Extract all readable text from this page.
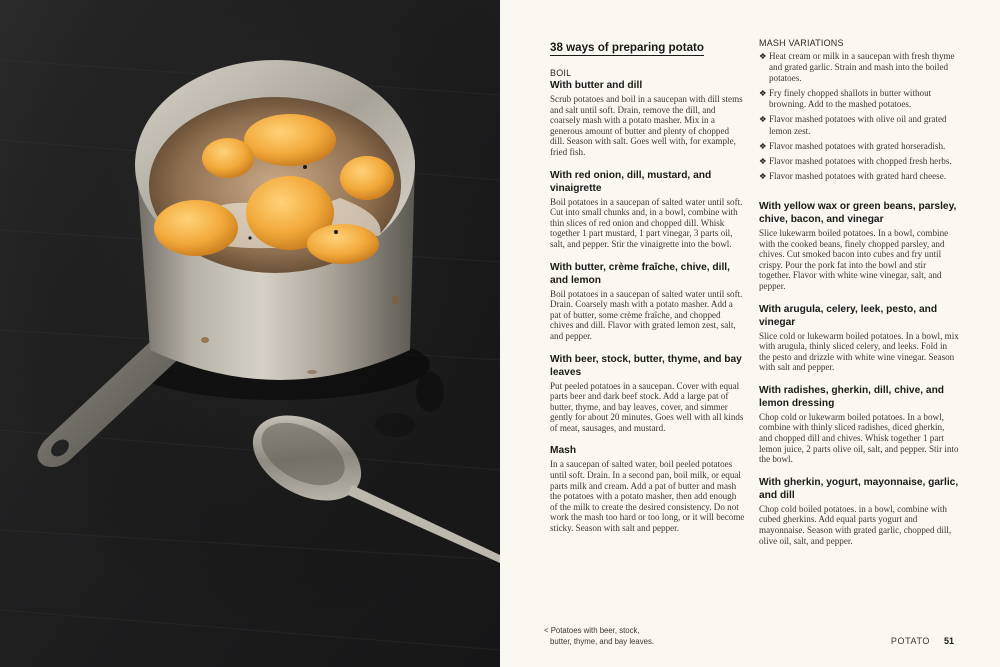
38 ways of preparing potato
BOIL
With butter and dill

Scrub potatoes and boil in a saucepan with dill stems and salt until soft. Drain, remove the dill, and coarsely mash with a potato masher. Mix in a generous amount of butter and plenty of chopped dill. Season with salt. Goes well with, for example, fried fish.

With red onion, dill, mustard, and vinaigrette

Boil potatoes in a saucepan of salted water until soft. Cut into small chunks and, in a bowl, combine with thin slices of red onion and chopped dill. Whisk together 1 part mustard, 1 part vinegar, 3 parts oil, salt, and pepper. Stir the vinaigrette into the bowl.

With butter, crème fraîche, chive, dill, and lemon

Boil potatoes in a saucepan of salted water until soft. Drain. Coarsely mash with a potato masher. Add a pat of butter, some crème fraîche, and chopped chives and dill. Flavor with grated lemon zest, salt, and pepper.

With beer, stock, butter, thyme, and bay leaves

Put peeled potatoes in a saucepan. Cover with equal parts beer and dark beef stock. Add a large pat of butter, thyme, and bay leaves, cover, and simmer gently for about 20 minutes. Goes well with all kinds of meat, sausages, and mustard.

Mash

In a saucepan of salted water, boil peeled potatoes until soft. Drain. In a second pan, boil milk, or equal parts milk and cream. Add a pat of butter and mash the potatoes with a potato masher, then add enough of the milk to create the desired consistency. Do not work the mash too hard or too long, or it will become sticky. Season with salt and pepper.

MASH VARIATIONS
❖ Heat cream or milk in a saucepan with fresh thyme and grated garlic. Strain and mash into the boiled potatoes.
❖ Fry finely chopped shallots in butter without browning. Add to the mashed potatoes.
❖ Flavor mashed potatoes with olive oil and grated lemon zest.
❖ Flavor mashed potatoes with grated horseradish.
❖ Flavor mashed potatoes with chopped fresh herbs.
❖ Flavor mashed potatoes with grated hard cheese.
With yellow wax or green beans, parsley, chive, bacon, and vinegar

Slice lukewarm boiled potatoes. In a bowl, combine with the cooked beans, finely chopped parsley, and chives. Cut smoked bacon into cubes and fry until crispy. Pour the pork fat into the bowl and stir together. Flavor with white wine vinegar, salt, and pepper.

With arugula, celery, leek, pesto, and vinegar

Slice cold or lukewarm boiled potatoes. In a bowl, mix with arugula, thinly sliced celery, and leeks. Fold in the pesto and drizzle with white wine vinegar. Season with salt and pepper.

With radishes, gherkin, dill, chive, and lemon dressing

Chop cold or lukewarm boiled potatoes. In a bowl, combine with thinly sliced radishes, diced gherkin, and chopped dill and chives. Whisk together 1 part lemon juice, 2 parts olive oil, salt, and pepper. Stir into the bowl.

With gherkin, yogurt, mayonnaise, garlic, and dill

Chop cold boiled potatoes. in a bowl, combine with cubed gherkins. Add equal parts yogurt and mayonnaise. Season with grated garlic, chopped dill, olive oil, salt, and pepper.

< Potatoes with beer, stock,
butter, thyme, and bay leaves.	POTATO 51
